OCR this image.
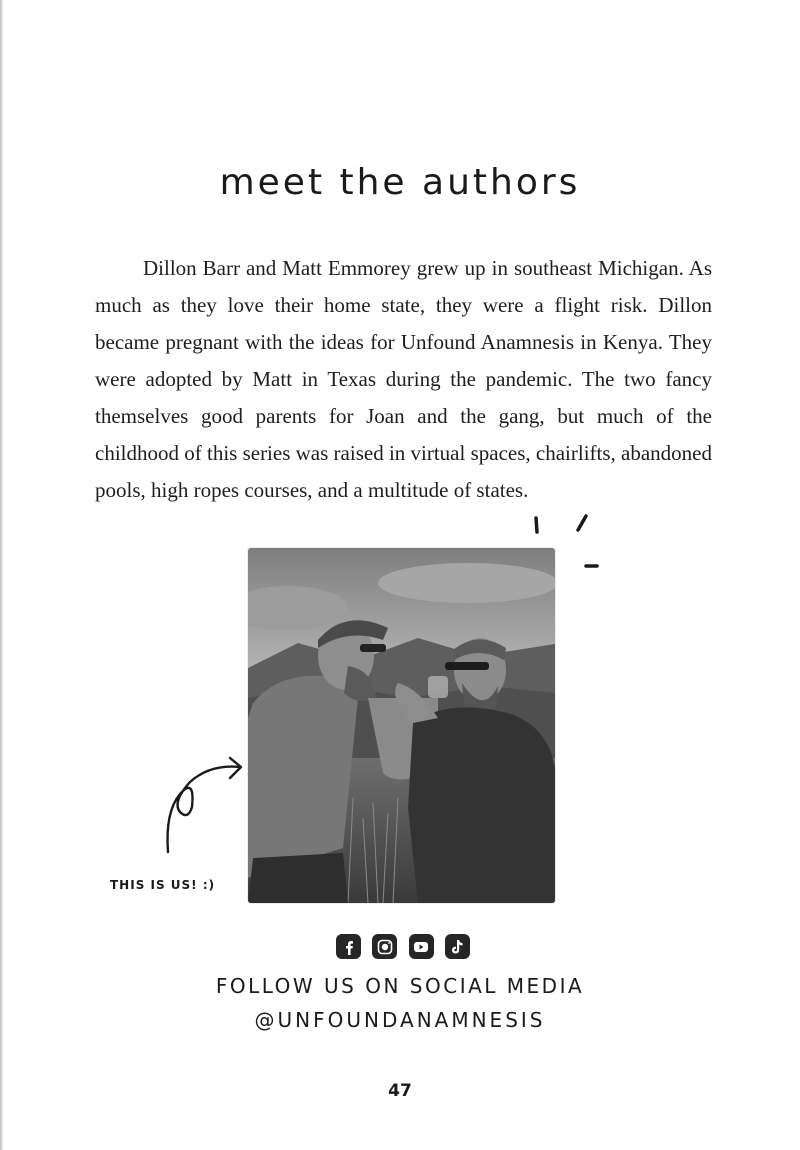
meet the authors

Dillon Barr and Matt Emmorey grew up in southeast Michigan. As much as they love their home state, they were a flight risk. Dillon became pregnant with the ideas for Unfound Anamnesis in Kenya. They were adopted by Matt in Texas during the pandemic. The two fancy themselves good parents for Joan and the gang, but much of the childhood of this series was raised in virtual spaces, chairlifts, abandoned pools, high ropes courses, and a multitude of states.

THIS IS US! :)
FOLLOW US ON SOCIAL MEDIA
@UNFOUNDANAMNESIS
47
